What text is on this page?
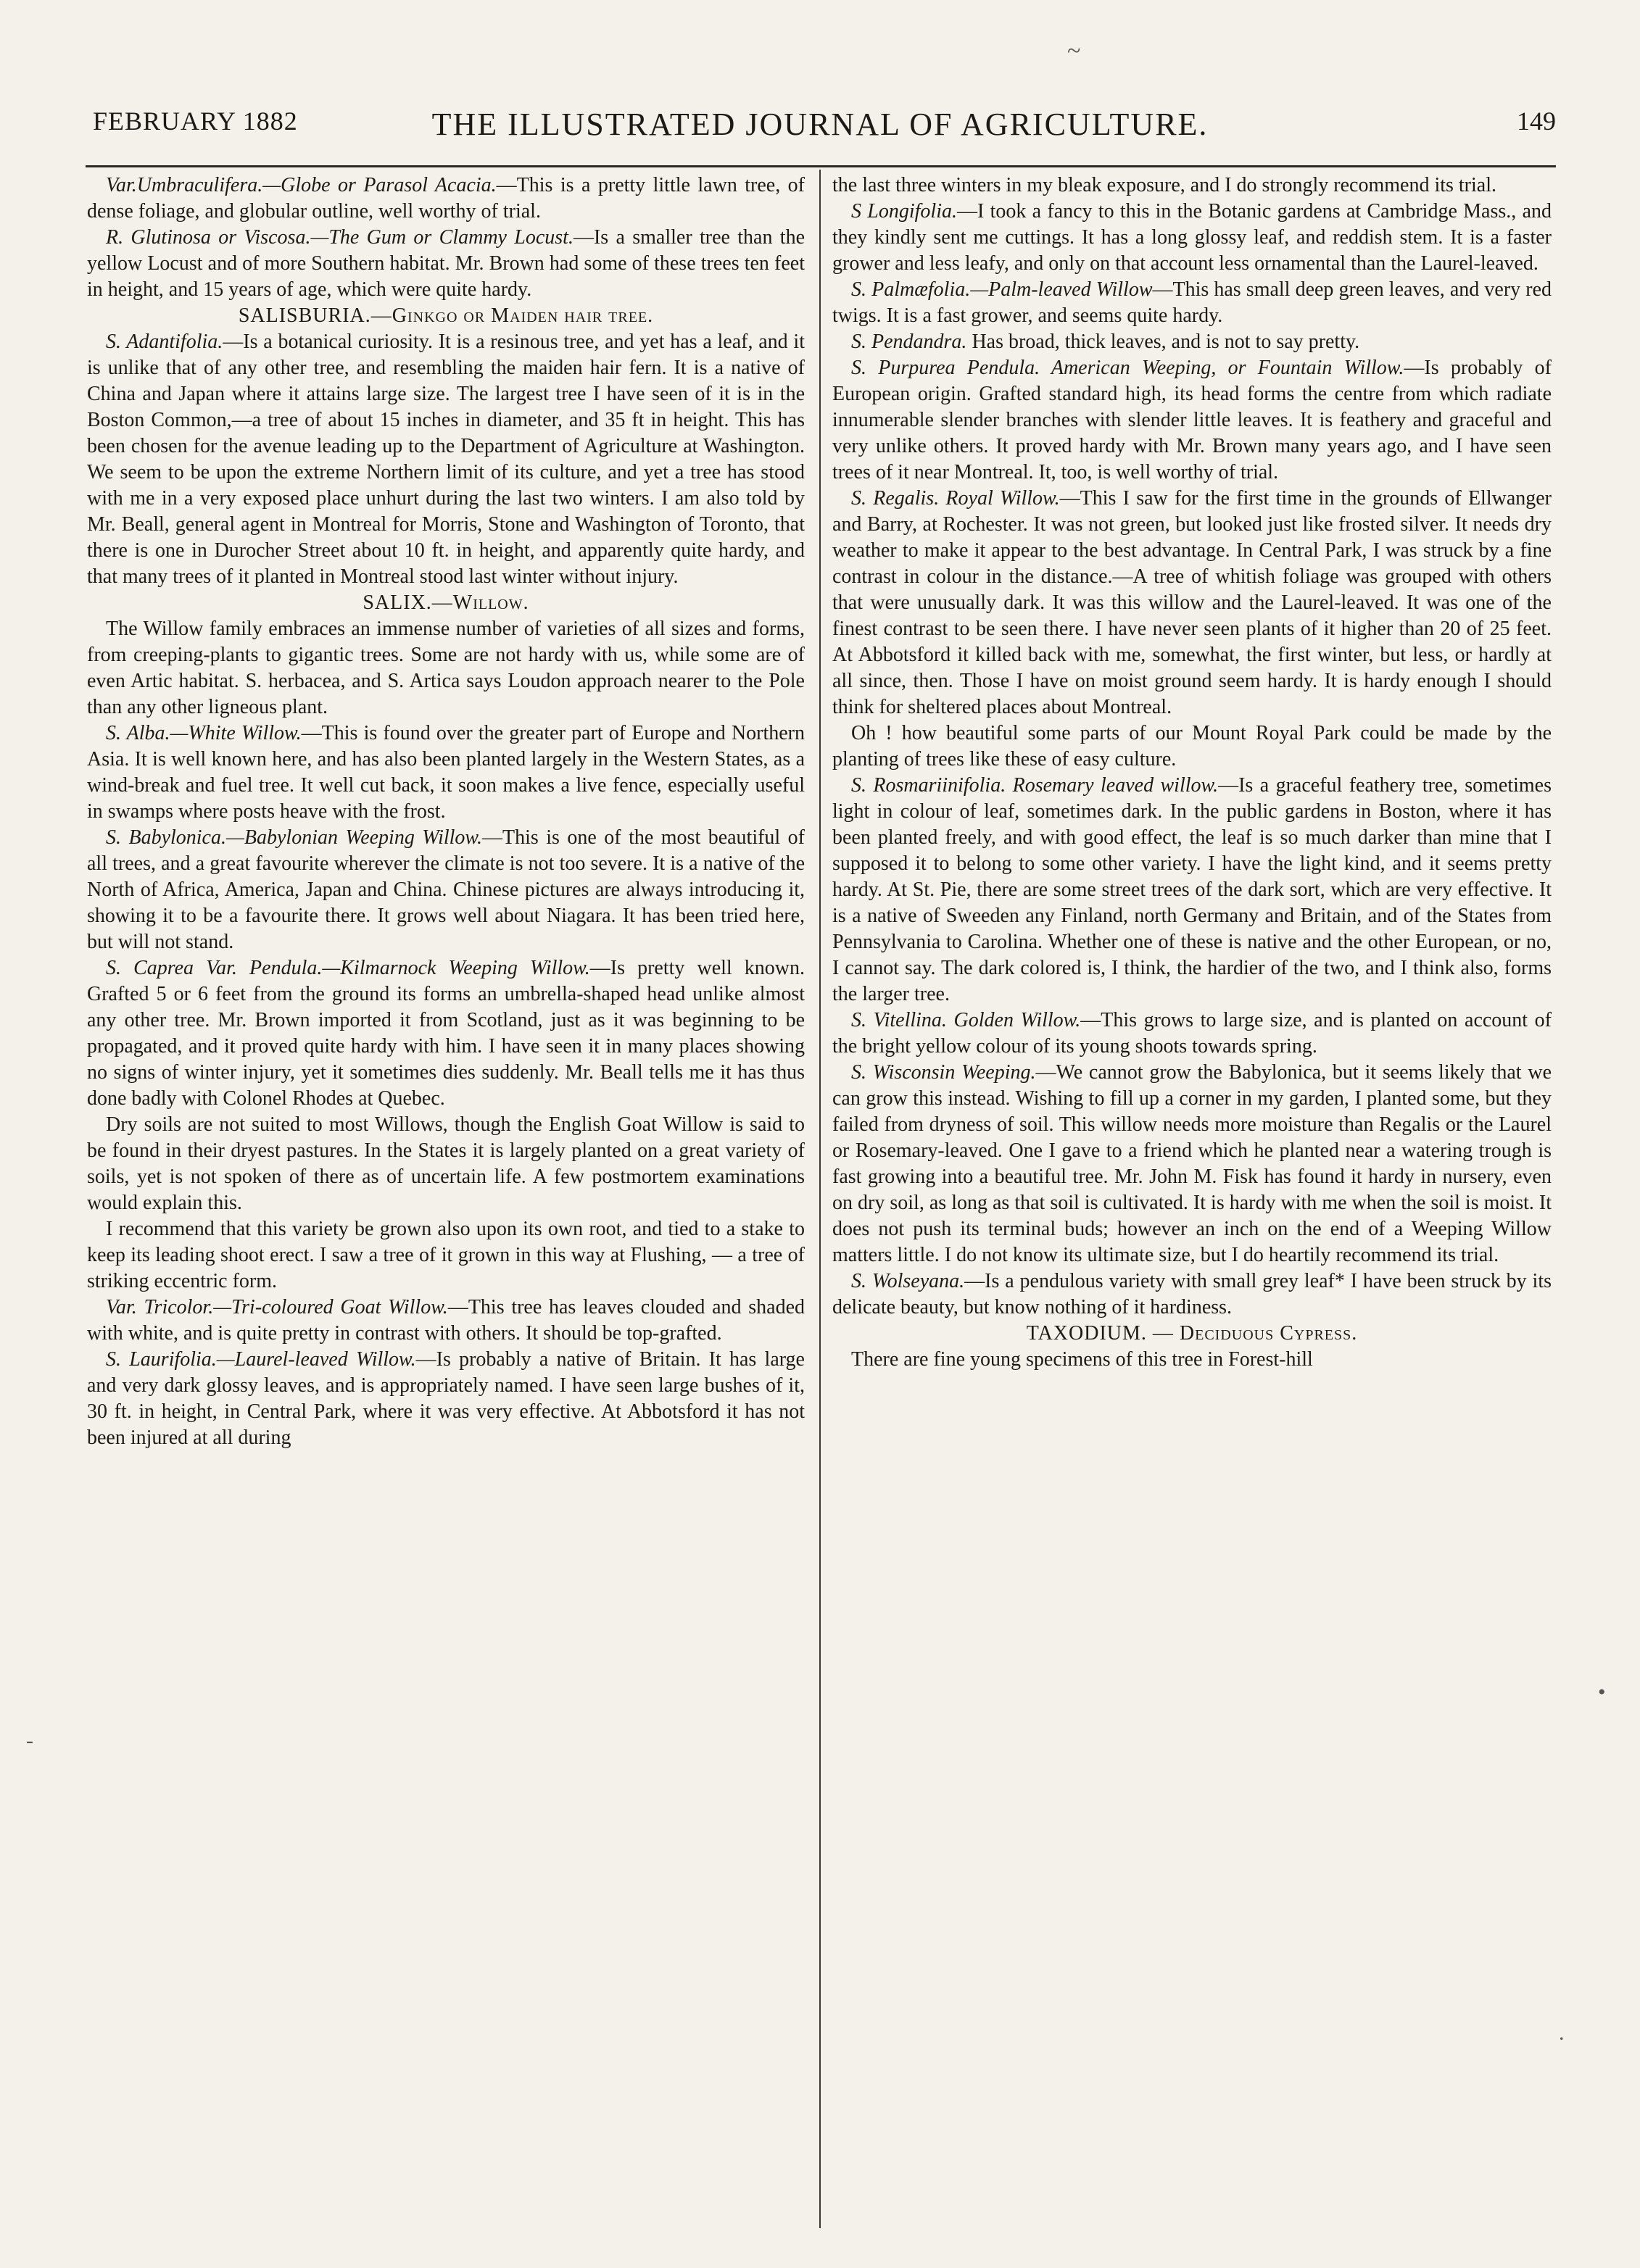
~
FEBRUARY 1882	THE ILLUSTRATED JOURNAL OF AGRICULTURE.	149

Var.Umbraculifera.—Globe or Parasol Acacia.—This is a pretty little lawn tree, of dense foliage, and globular outline, well worthy of trial.

R. Glutinosa or Viscosa.—The Gum or Clammy Locust.—Is a smaller tree than the yellow Locust and of more Southern habitat. Mr. Brown had some of these trees ten feet in height, and 15 years of age, which were quite hardy.

SALISBURIA.—Ginkgo or Maiden hair tree.

S. Adantifolia.—Is a botanical curiosity. It is a resinous tree, and yet has a leaf, and it is unlike that of any other tree, and resembling the maiden hair fern. It is a native of China and Japan where it attains large size. The largest tree I have seen of it is in the Boston Common,—a tree of about 15 inches in diameter, and 35 ft in height. This has been chosen for the avenue leading up to the Department of Agriculture at Washington. We seem to be upon the extreme Northern limit of its culture, and yet a tree has stood with me in a very exposed place unhurt during the last two winters. I am also told by Mr. Beall, general agent in Montreal for Morris, Stone and Washington of Toronto, that there is one in Durocher Street about 10 ft. in height, and apparently quite hardy, and that many trees of it planted in Montreal stood last winter without injury.

SALIX.—Willow.

The Willow family embraces an immense number of varieties of all sizes and forms, from creeping-plants to gigantic trees. Some are not hardy with us, while some are of even Artic habitat. S. herbacea, and S. Artica says Loudon approach nearer to the Pole than any other ligneous plant.

S. Alba.—White Willow.—This is found over the greater part of Europe and Northern Asia. It is well known here, and has also been planted largely in the Western States, as a wind-break and fuel tree. It well cut back, it soon makes a live fence, especially useful in swamps where posts heave with the frost.

S. Babylonica.—Babylonian Weeping Willow.—This is one of the most beautiful of all trees, and a great favourite wherever the climate is not too severe. It is a native of the North of Africa, America, Japan and China. Chinese pictures are always introducing it, showing it to be a favourite there. It grows well about Niagara. It has been tried here, but will not stand.

S. Caprea Var. Pendula.—Kilmarnock Weeping Willow.—Is pretty well known. Grafted 5 or 6 feet from the ground its forms an umbrella-shaped head unlike almost any other tree. Mr. Brown imported it from Scotland, just as it was beginning to be propagated, and it proved quite hardy with him. I have seen it in many places showing no signs of winter injury, yet it sometimes dies suddenly. Mr. Beall tells me it has thus done badly with Colonel Rhodes at Quebec.

Dry soils are not suited to most Willows, though the English Goat Willow is said to be found in their dryest pastures. In the States it is largely planted on a great variety of soils, yet is not spoken of there as of uncertain life. A few postmortem examinations would explain this.

I recommend that this variety be grown also upon its own root, and tied to a stake to keep its leading shoot erect. I saw a tree of it grown in this way at Flushing, — a tree of striking eccentric form.

Var. Tricolor.—Tri-coloured Goat Willow.—This tree has leaves clouded and shaded with white, and is quite pretty in contrast with others. It should be top-grafted.

S. Laurifolia.—Laurel-leaved Willow.—Is probably a native of Britain. It has large and very dark glossy leaves, and is appropriately named. I have seen large bushes of it, 30 ft. in height, in Central Park, where it was very effective. At Abbotsford it has not been injured at all during

the last three winters in my bleak exposure, and I do strongly recommend its trial.

S Longifolia.—I took a fancy to this in the Botanic gardens at Cambridge Mass., and they kindly sent me cuttings. It has a long glossy leaf, and reddish stem. It is a faster grower and less leafy, and only on that account less ornamental than the Laurel-leaved.

S. Palmæfolia.—Palm-leaved Willow—This has small deep green leaves, and very red twigs. It is a fast grower, and seems quite hardy.

S. Pendandra. Has broad, thick leaves, and is not to say pretty.

S. Purpurea Pendula. American Weeping, or Fountain Willow.—Is probably of European origin. Grafted standard high, its head forms the centre from which radiate innumerable slender branches with slender little leaves. It is feathery and graceful and very unlike others. It proved hardy with Mr. Brown many years ago, and I have seen trees of it near Montreal. It, too, is well worthy of trial.

S. Regalis. Royal Willow.—This I saw for the first time in the grounds of Ellwanger and Barry, at Rochester. It was not green, but looked just like frosted silver. It needs dry weather to make it appear to the best advantage. In Central Park, I was struck by a fine contrast in colour in the distance.—A tree of whitish foliage was grouped with others that were unusually dark. It was this willow and the Laurel-leaved. It was one of the finest contrast to be seen there. I have never seen plants of it higher than 20 of 25 feet. At Abbotsford it killed back with me, somewhat, the first winter, but less, or hardly at all since, then. Those I have on moist ground seem hardy. It is hardy enough I should think for sheltered places about Montreal.

Oh ! how beautiful some parts of our Mount Royal Park could be made by the planting of trees like these of easy culture.

S. Rosmariinifolia. Rosemary leaved willow.—Is a graceful feathery tree, sometimes light in colour of leaf, sometimes dark. In the public gardens in Boston, where it has been planted freely, and with good effect, the leaf is so much darker than mine that I supposed it to belong to some other variety. I have the light kind, and it seems pretty hardy. At St. Pie, there are some street trees of the dark sort, which are very effective. It is a native of Sweeden any Finland, north Germany and Britain, and of the States from Pennsylvania to Carolina. Whether one of these is native and the other European, or no, I cannot say. The dark colored is, I think, the hardier of the two, and I think also, forms the larger tree.

S. Vitellina. Golden Willow.—This grows to large size, and is planted on account of the bright yellow colour of its young shoots towards spring.

S. Wisconsin Weeping.—We cannot grow the Babylonica, but it seems likely that we can grow this instead. Wishing to fill up a corner in my garden, I planted some, but they failed from dryness of soil. This willow needs more moisture than Regalis or the Laurel or Rosemary-leaved. One I gave to a friend which he planted near a watering trough is fast growing into a beautiful tree. Mr. John M. Fisk has found it hardy in nursery, even on dry soil, as long as that soil is cultivated. It is hardy with me when the soil is moist. It does not push its terminal buds; however an inch on the end of a Weeping Willow matters little. I do not know its ultimate size, but I do heartily recommend its trial.

S. Wolseyana.—Is a pendulous variety with small grey leaf* I have been struck by its delicate beauty, but know nothing of it hardiness.

TAXODIUM. — Deciduous Cypress.

There are fine young specimens of this tree in Forest-hill

-
•
.
